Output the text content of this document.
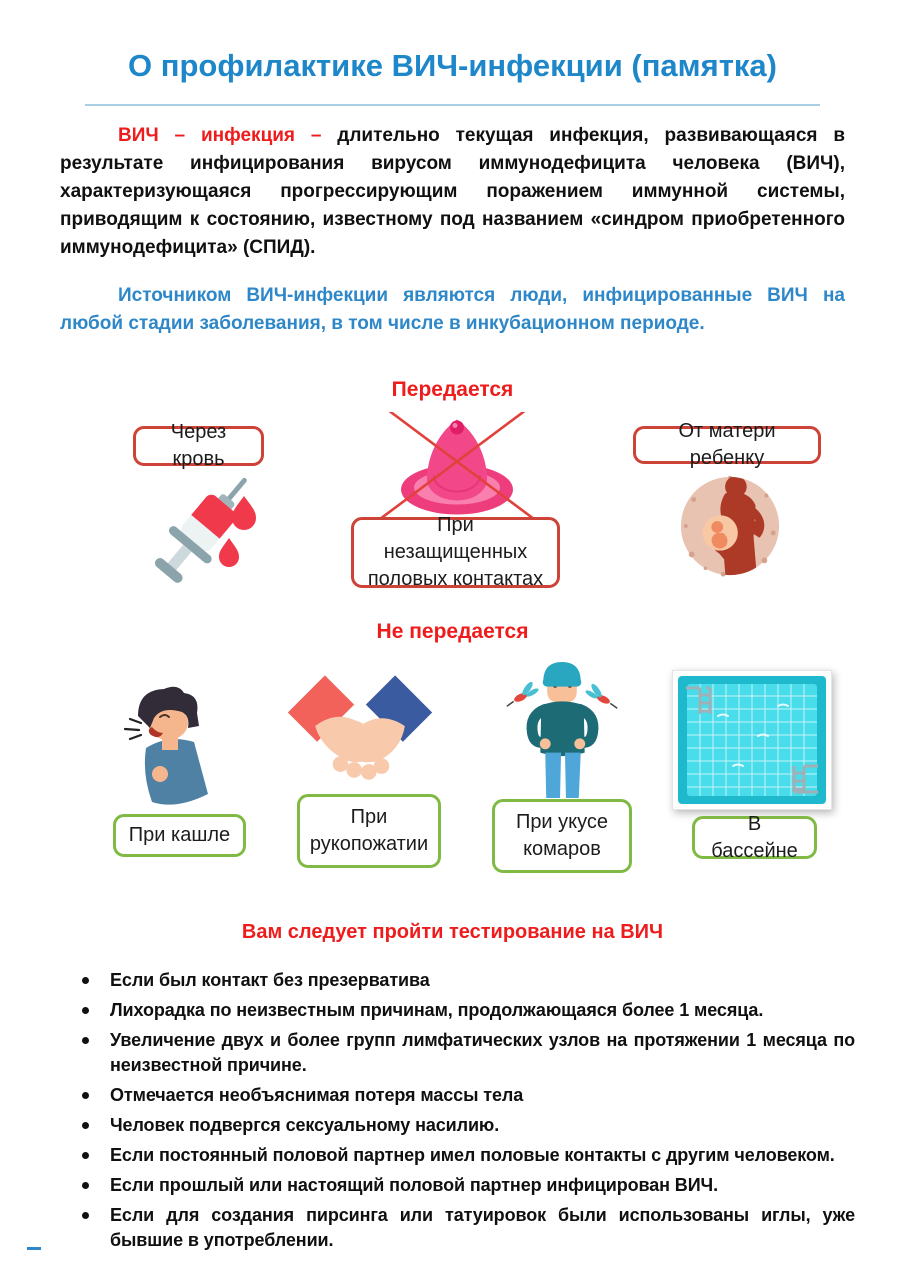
О профилактике ВИЧ-инфекции (памятка)

ВИЧ – инфекция – длительно текущая инфекция, развивающаяся в результате инфицирования вирусом иммунодефицита человека (ВИЧ), характеризующаяся прогрессирующим поражением иммунной системы, приводящим к состоянию, известному под названием «синдром приобретенного иммунодефицита» (СПИД).

Источником ВИЧ-инфекции являются люди, инфицированные ВИЧ на любой стадии заболевания, в том числе в инкубационном периоде.

Передается
Через кровь
При незащищенных половых контактах
От матери ребенку
Не передается
При кашле
При рукопожатии
При укусе комаров
В бассейне
Вам следует пройти тестирование на ВИЧ
Если был контакт без презерватива
Лихорадка по неизвестным причинам, продолжающаяся более 1 месяца.
Увеличение двух и более групп лимфатических узлов на протяжении 1 месяца по неизвестной причине.
Отмечается необъяснимая потеря массы тела
Человек подвергся сексуальному насилию.
Если постоянный половой партнер имел половые контакты с другим человеком.
Если прошлый или настоящий половой партнер инфицирован ВИЧ.
Если для создания пирсинга или татуировок были использованы иглы, уже бывшие в употреблении.
